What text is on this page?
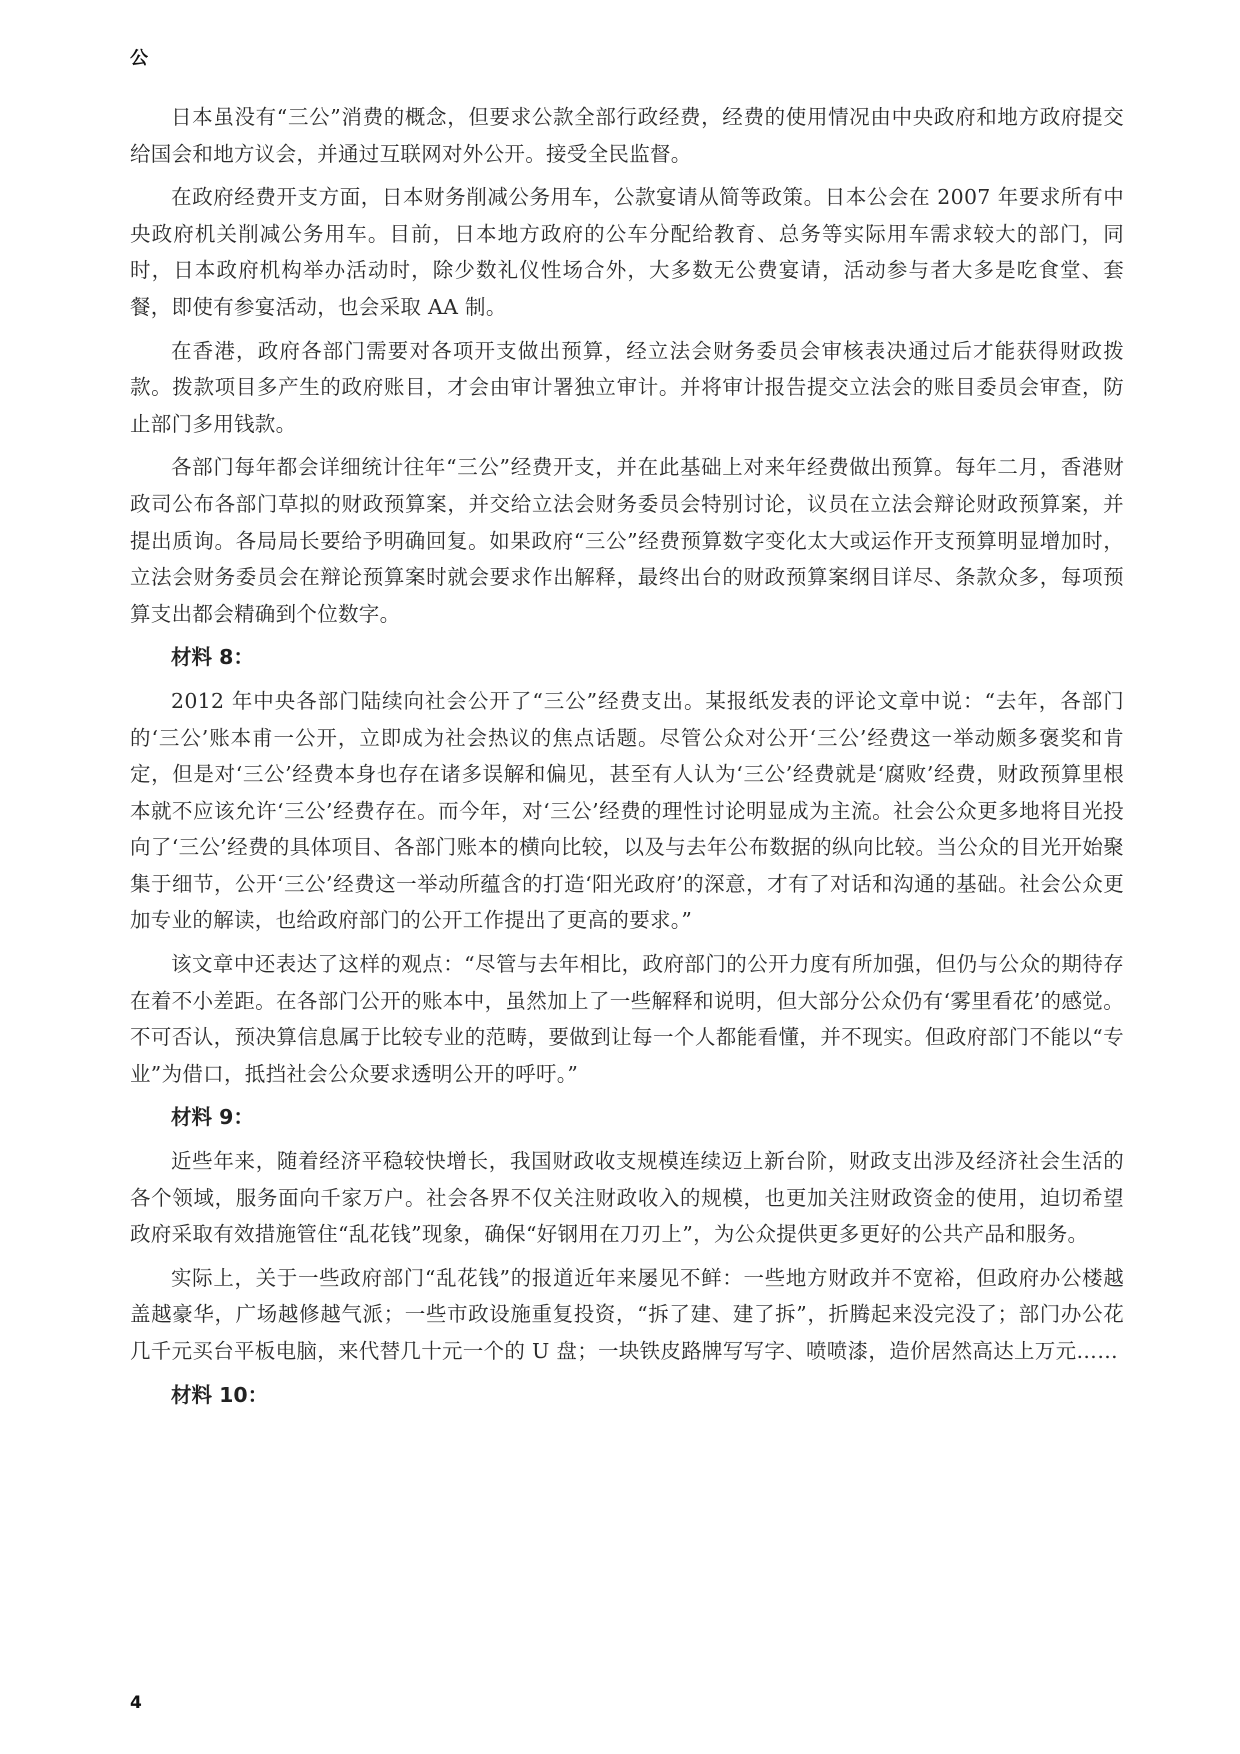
公

日本虽没有“三公”消费的概念，但要求公款全部行政经费，经费的使用情况由中央政府和地方政府提交给国会和地方议会，并通过互联网对外公开。接受全民监督。

在政府经费开支方面，日本财务削减公务用车，公款宴请从简等政策。日本公会在 2007 年要求所有中央政府机关削减公务用车。目前，日本地方政府的公车分配给教育、总务等实际用车需求较大的部门，同时，日本政府机构举办活动时，除少数礼仪性场合外，大多数无公费宴请，活动参与者大多是吃食堂、套餐，即使有参宴活动，也会采取 AA 制。

在香港，政府各部门需要对各项开支做出预算，经立法会财务委员会审核表决通过后才能获得财政拨款。拨款项目多产生的政府账目，才会由审计署独立审计。并将审计报告提交立法会的账目委员会审查，防止部门多用钱款。

各部门每年都会详细统计往年“三公”经费开支，并在此基础上对来年经费做出预算。每年二月，香港财政司公布各部门草拟的财政预算案，并交给立法会财务委员会特别讨论，议员在立法会辩论财政预算案，并提出质询。各局局长要给予明确回复。如果政府“三公”经费预算数字变化太大或运作开支预算明显增加时，立法会财务委员会在辩论预算案时就会要求作出解释，最终出台的财政预算案纲目详尽、条款众多，每项预算支出都会精确到个位数字。

材料 8：

2012 年中央各部门陆续向社会公开了“三公”经费支出。某报纸发表的评论文章中说：“去年，各部门的‘三公’账本甫一公开，立即成为社会热议的焦点话题。尽管公众对公开‘三公’经费这一举动颇多褒奖和肯定，但是对‘三公’经费本身也存在诸多误解和偏见，甚至有人认为‘三公’经费就是‘腐败’经费，财政预算里根本就不应该允许‘三公’经费存在。而今年，对‘三公’经费的理性讨论明显成为主流。社会公众更多地将目光投向了‘三公’经费的具体项目、各部门账本的横向比较，以及与去年公布数据的纵向比较。当公众的目光开始聚集于细节，公开‘三公’经费这一举动所蕴含的打造‘阳光政府’的深意，才有了对话和沟通的基础。社会公众更加专业的解读，也给政府部门的公开工作提出了更高的要求。”

该文章中还表达了这样的观点：“尽管与去年相比，政府部门的公开力度有所加强，但仍与公众的期待存在着不小差距。在各部门公开的账本中，虽然加上了一些解释和说明，但大部分公众仍有‘雾里看花’的感觉。不可否认，预决算信息属于比较专业的范畴，要做到让每一个人都能看懂，并不现实。但政府部门不能以“专业”为借口，抵挡社会公众要求透明公开的呼吁。”

材料 9：

近些年来，随着经济平稳较快增长，我国财政收支规模连续迈上新台阶，财政支出涉及经济社会生活的各个领域，服务面向千家万户。社会各界不仅关注财政收入的规模，也更加关注财政资金的使用，迫切希望政府采取有效措施管住“乱花钱”现象，确保“好钢用在刀刃上”，为公众提供更多更好的公共产品和服务。

实际上，关于一些政府部门“乱花钱”的报道近年来屡见不鲜：一些地方财政并不宽裕，但政府办公楼越盖越豪华，广场越修越气派；一些市政设施重复投资，“拆了建、建了拆”，折腾起来没完没了；部门办公花几千元买台平板电脑，来代替几十元一个的 U 盘；一块铁皮路牌写写字、喷喷漆，造价居然高达上万元……

材料 10：

4
